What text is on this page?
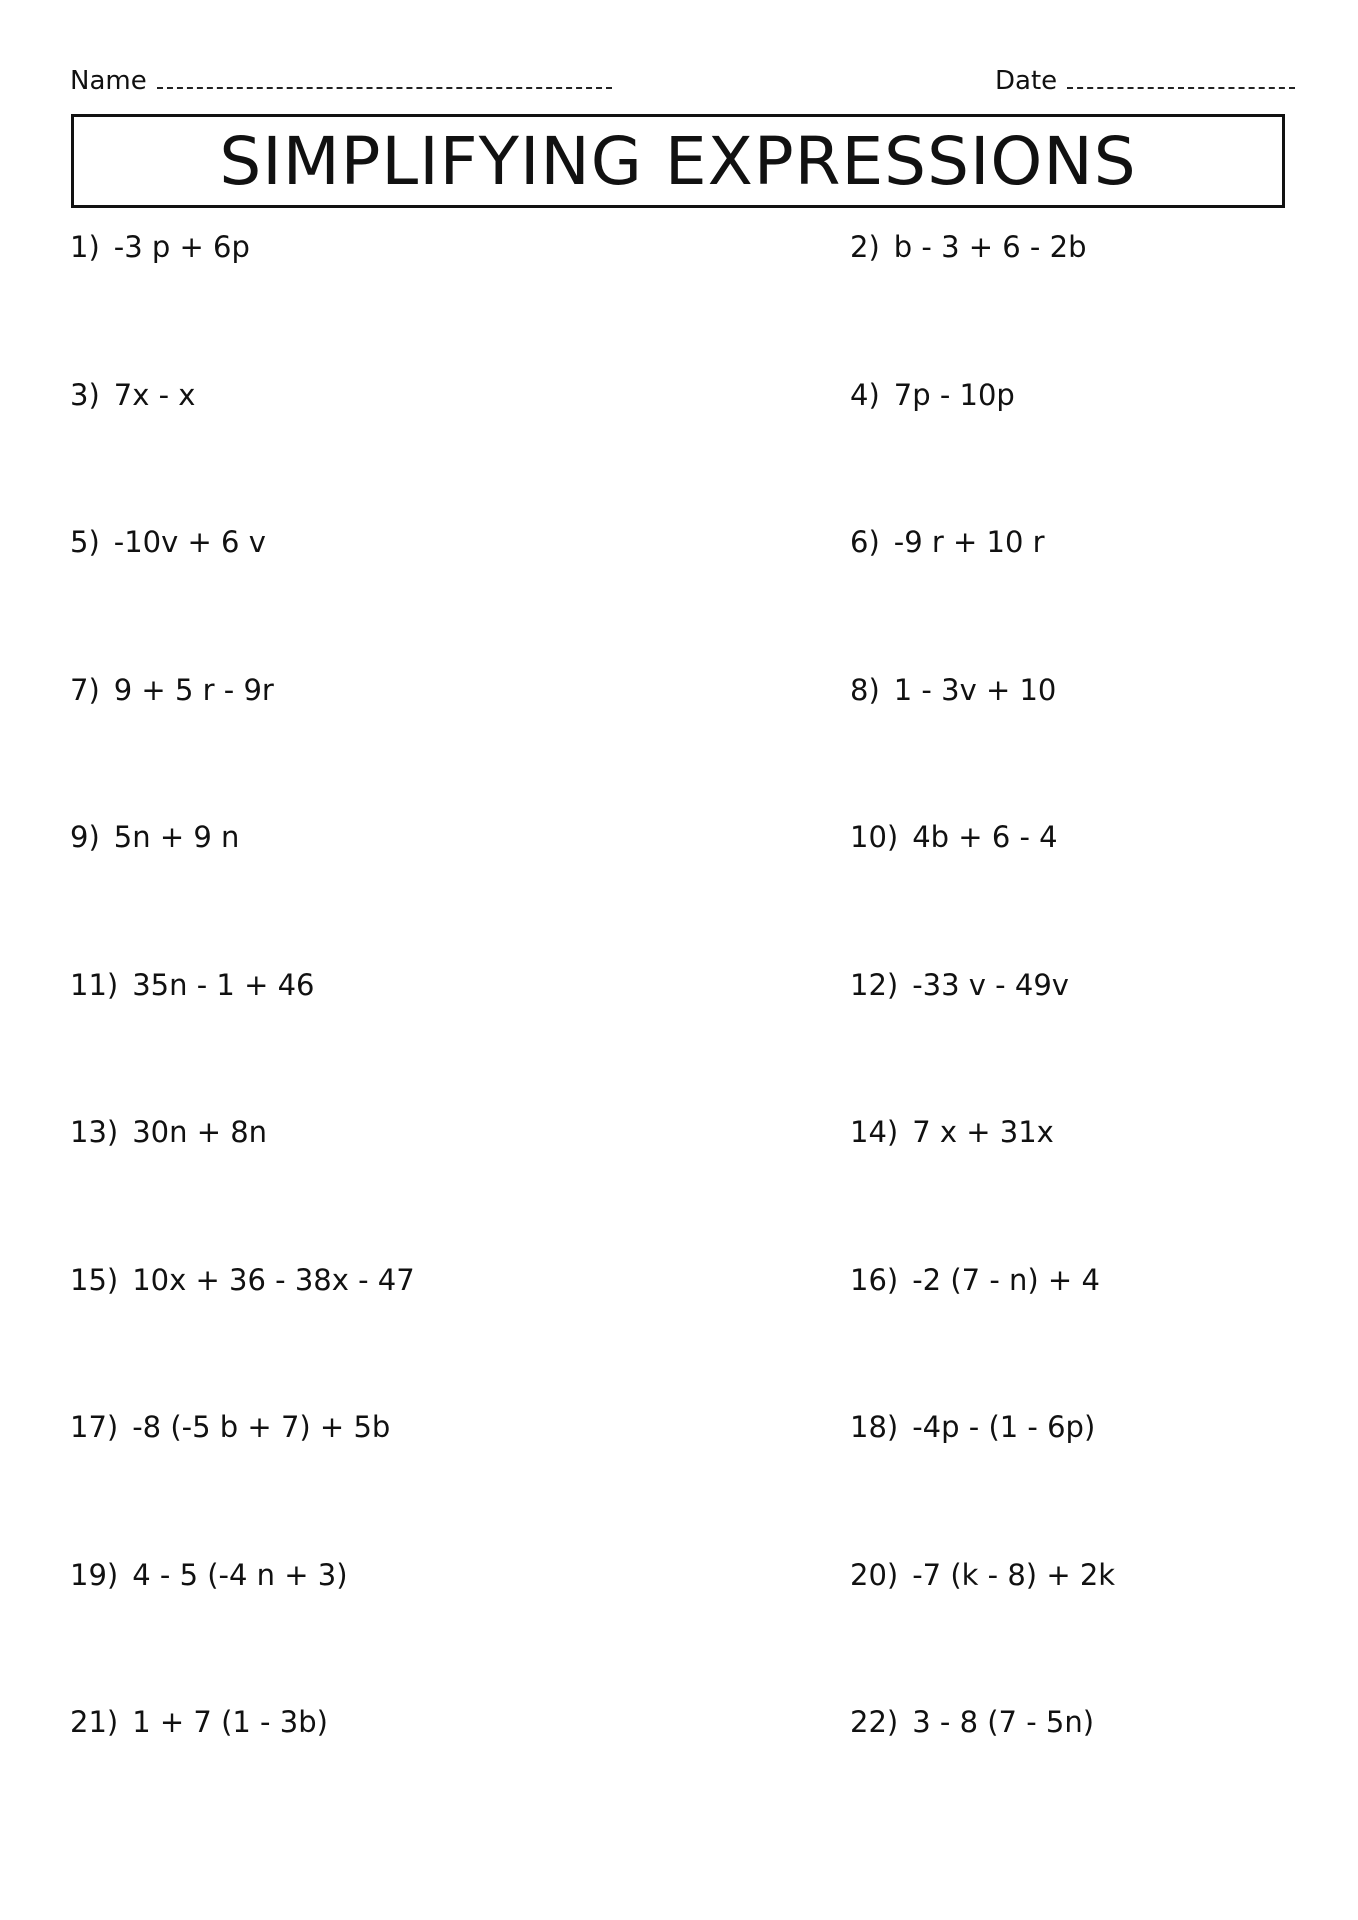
Name	Date
SIMPLIFYING EXPRESSIONS
1) -3 p + 6p	2) b - 3 + 6 - 2b
3) 7x - x	4) 7p - 10p
5) -10v + 6 v	6) -9 r + 10 r
7) 9 + 5 r - 9r	8) 1 - 3v + 10
9) 5n + 9 n	10) 4b + 6 - 4
11) 35n - 1 + 46	12) -33 v - 49v
13) 30n + 8n	14) 7 x + 31x
15) 10x + 36 - 38x - 47	16) -2 (7 - n) + 4
17) -8 (-5 b + 7) + 5b	18) -4p - (1 - 6p)
19) 4 - 5 (-4 n + 3)	20) -7 (k - 8) + 2k
21) 1 + 7 (1 - 3b)	22) 3 - 8 (7 - 5n)
